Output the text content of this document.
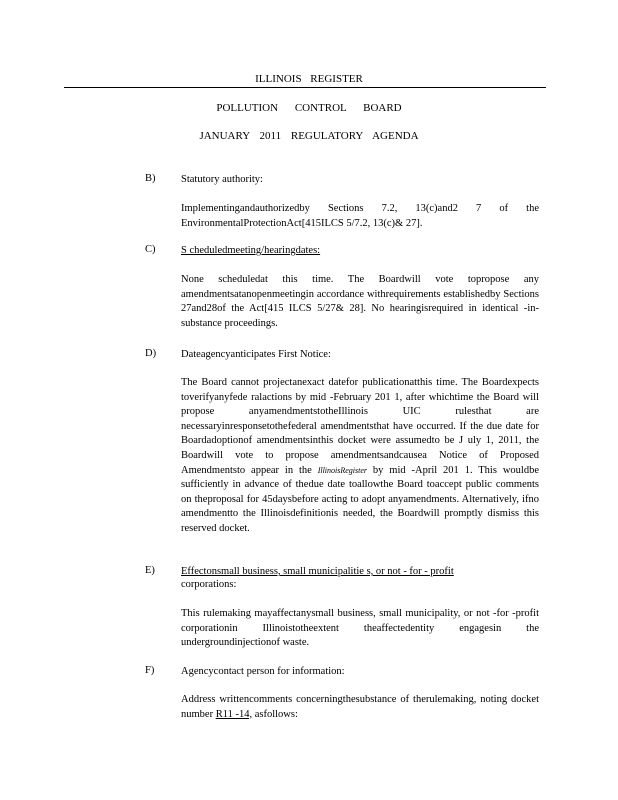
ILLINOIS REGISTER
POLLUTION CONTROL BOARD
JANUARY 2011 REGULATORY AGENDA
B) Statutory authority:
Implementingandauthorizedby Sections 7.2, 13(c)and2 7 of the EnvironmentalProtectionAct[415ILCS 5/7.2, 13(c)& 27].
C) S cheduledmeeting/hearingdates:
None scheduledat this time. The Boardwill vote topropose any amendmentsatanopenmeetingin accordance withrequirements establishedby Sections 27and28of the Act[415 ILCS 5/27& 28]. No hearingisrequired in identical -in-substance proceedings.
D) Dateagencyanticipates First Notice:
The Board cannot projectanexact datefor publicationatthis time. The Boardexpects toverifyanyfede ralactions by mid -February 201 1, after whichtime the Board will propose anyamendmentstotheIllinois UIC rulesthat are necessaryinresponsetothefederal amendmentsthat have occurred. If the due date for Boardadoptionof amendmentsinthis docket were assumedto be J uly 1, 2011, the Boardwill vote to propose amendmentsandcausea Notice of Proposed Amendmentsto appear in the IllinoisRegister by mid -April 201 1. This wouldbe sufficiently in advance of thedue date toallowthe Board toaccept public comments on theproposal for 45daysbefore acting to adopt anyamendments. Alternatively, ifno amendmentto the Illinoisdefinitionis needed, the Boardwill promptly dismiss this reserved docket.
E) Effectonsmall business, small municipalitie s, or not - for - profit
corporations:
This rulemaking mayaffectanysmall business, small municipality, or not -for -profit corporationin Illinoistotheextent theaffectedentity engagesin the undergroundinjectionof waste.
F)	Agencycontact person for information:
Address writtencomments concerningthesubstance of therulemaking, noting docket number R11 -14, asfollows:
